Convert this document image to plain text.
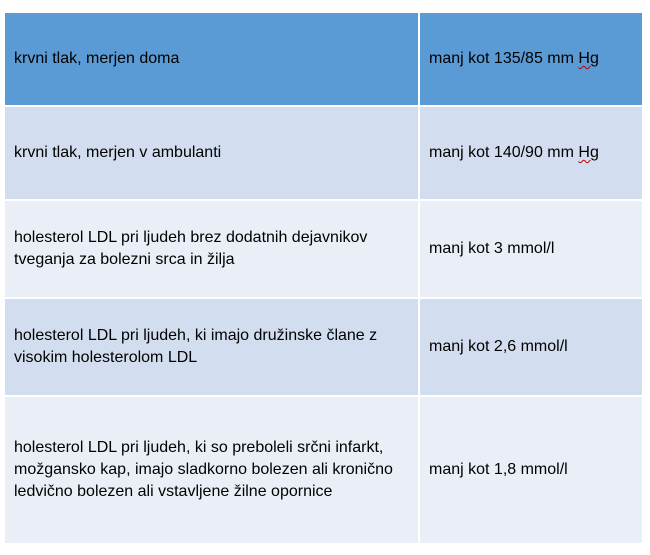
krvni tlak, merjen doma	manj kot 135/85 mm Hg
krvni tlak, merjen v ambulanti	manj kot 140/90 mm Hg
holesterol LDL pri ljudeh brez dodatnih dejavnikov tveganja za bolezni srca in žilja	manj kot 3 mmol/l
holesterol LDL pri ljudeh, ki imajo družinske člane z visokim holesterolom LDL	manj kot 2,6 mmol/l
holesterol LDL pri ljudeh, ki so preboleli srčni infarkt, možgansko kap, imajo sladkorno bolezen ali kronično ledvično bolezen ali vstavljene žilne opornice	manj kot 1,8 mmol/l
